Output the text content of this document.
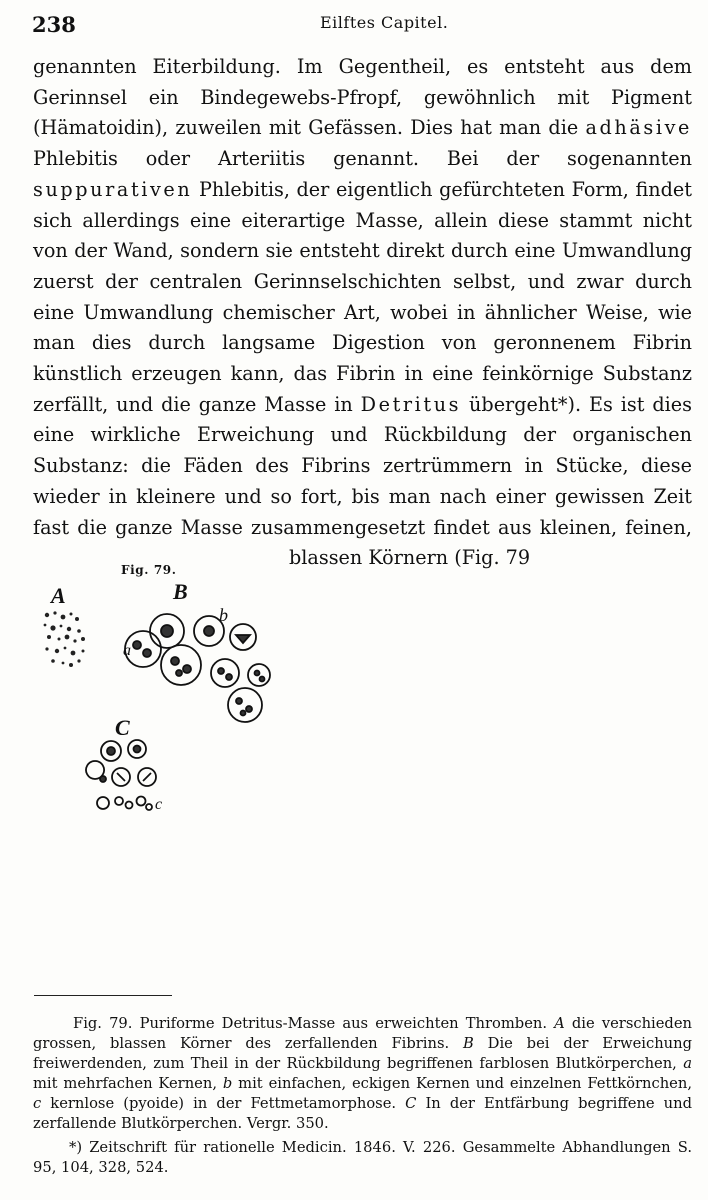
238	Eilftes Capitel.

genannten Eiterbildung. Im Gegentheil, es entsteht aus dem Gerinnsel ein Bindegewebs-Pfropf, gewöhnlich mit Pigment (Hämatoidin), zuweilen mit Gefässen. Dies hat man die adhäsive Phlebitis oder Arteriitis genannt. Bei der sogenannten suppurativen Phlebitis, der eigentlich gefürchteten Form, findet sich allerdings eine eiterartige Masse, allein diese stammt nicht von der Wand, sondern sie entsteht direkt durch eine Umwandlung zuerst der centralen Gerinnselschichten selbst, und zwar durch eine Umwandlung chemischer Art, wobei in ähnlicher Weise, wie man dies durch langsame Digestion von geronnenem Fibrin künstlich erzeugen kann, das Fibrin in eine feinkörnige Substanz zerfällt, und die ganze Masse in Detritus übergeht*). Es ist dies eine wirkliche Erweichung und Rückbildung der organischen Substanz: die Fäden des Fibrins zertrümmern in Stücke, diese wieder in kleinere und so fort, bis man nach einer gewissen Zeit fast die ganze Masse zusammengesetzt findet aus kleinen, feinen, blassen Körnern (Fig. 79
Fig. 79.
A	B
b
a
C
c

Fig. 79. Puriforme Detritus-Masse aus erweichten Thromben. A die verschieden grossen, blassen Körner des zerfallenden Fibrins. B Die bei der Erweichung freiwerdenden, zum Theil in der Rückbildung begriffenen farblosen Blutkörperchen, a mit mehrfachen Kernen, b mit einfachen, eckigen Kernen und einzelnen Fettkörnchen, c kernlose (pyoide) in der Fettmetamorphose. C In der Entfärbung begriffene und zerfallende Blutkörperchen. Vergr. 350.

*) Zeitschrift für rationelle Medicin. 1846. V. 226. Gesammelte Abhandlungen S. 95, 104, 328, 524.
